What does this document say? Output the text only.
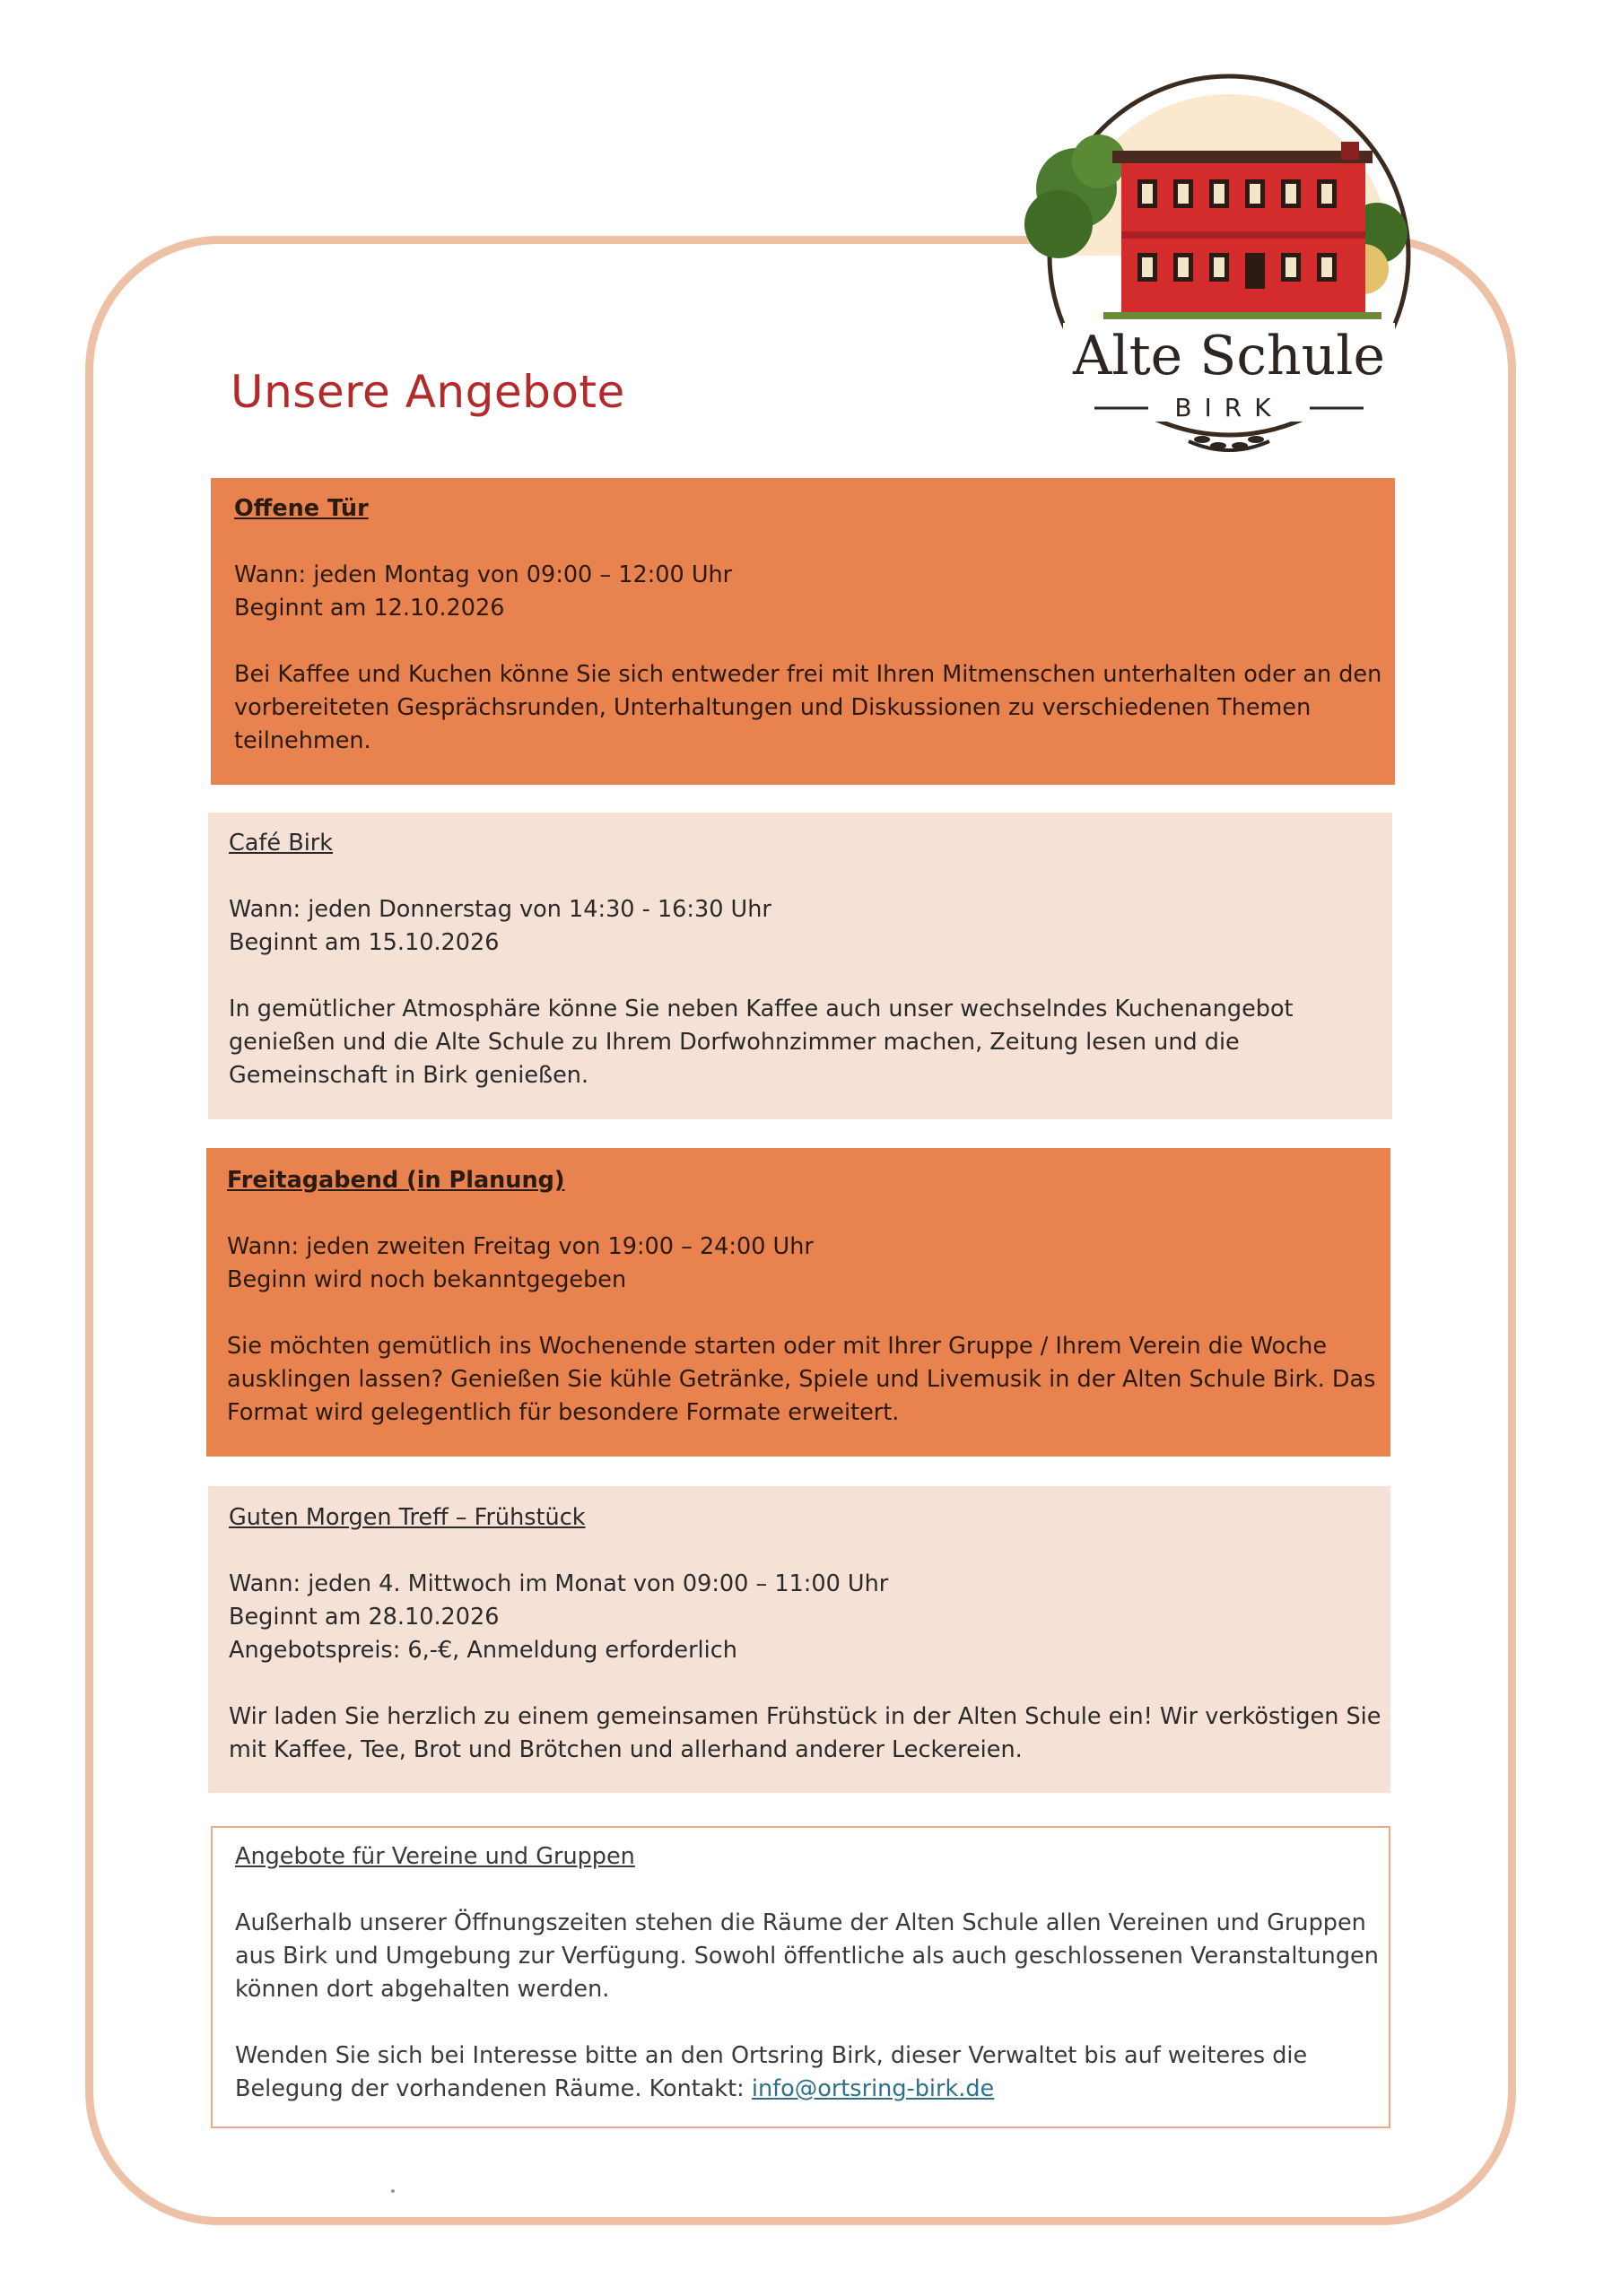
Unsere Angebote
Alte Schule
BIRK

Offene Tür

Wann: jeden Montag von 09:00 – 12:00 Uhr

Beginnt am 12.10.2026

Bei Kaffee und Kuchen könne Sie sich entweder frei mit Ihren Mitmenschen unterhalten oder an den

vorbereiteten Gesprächsrunden, Unterhaltungen und Diskussionen zu verschiedenen Themen

teilnehmen.

Café Birk

Wann: jeden Donnerstag von 14:30 - 16:30 Uhr

Beginnt am 15.10.2026

In gemütlicher Atmosphäre könne Sie neben Kaffee auch unser wechselndes Kuchenangebot

genießen und die Alte Schule zu Ihrem Dorfwohnzimmer machen, Zeitung lesen und die

Gemeinschaft in Birk genießen.

Freitagabend (in Planung)

Wann: jeden zweiten Freitag von 19:00 – 24:00 Uhr

Beginn wird noch bekanntgegeben

Sie möchten gemütlich ins Wochenende starten oder mit Ihrer Gruppe / Ihrem Verein die Woche

ausklingen lassen? Genießen Sie kühle Getränke, Spiele und Livemusik in der Alten Schule Birk. Das

Format wird gelegentlich für besondere Formate erweitert.

Guten Morgen Treff – Frühstück

Wann: jeden 4. Mittwoch im Monat von 09:00 – 11:00 Uhr

Beginnt am 28.10.2026

Angebotspreis: 6,-€, Anmeldung erforderlich

Wir laden Sie herzlich zu einem gemeinsamen Frühstück in der Alten Schule ein! Wir verköstigen Sie

mit Kaffee, Tee, Brot und Brötchen und allerhand anderer Leckereien.

Angebote für Vereine und Gruppen

Außerhalb unserer Öffnungszeiten stehen die Räume der Alten Schule allen Vereinen und Gruppen

aus Birk und Umgebung zur Verfügung. Sowohl öffentliche als auch geschlossenen Veranstaltungen

können dort abgehalten werden.

Wenden Sie sich bei Interesse bitte an den Ortsring Birk, dieser Verwaltet bis auf weiteres die

Belegung der vorhandenen Räume. Kontakt: info@ortsring-birk.de
